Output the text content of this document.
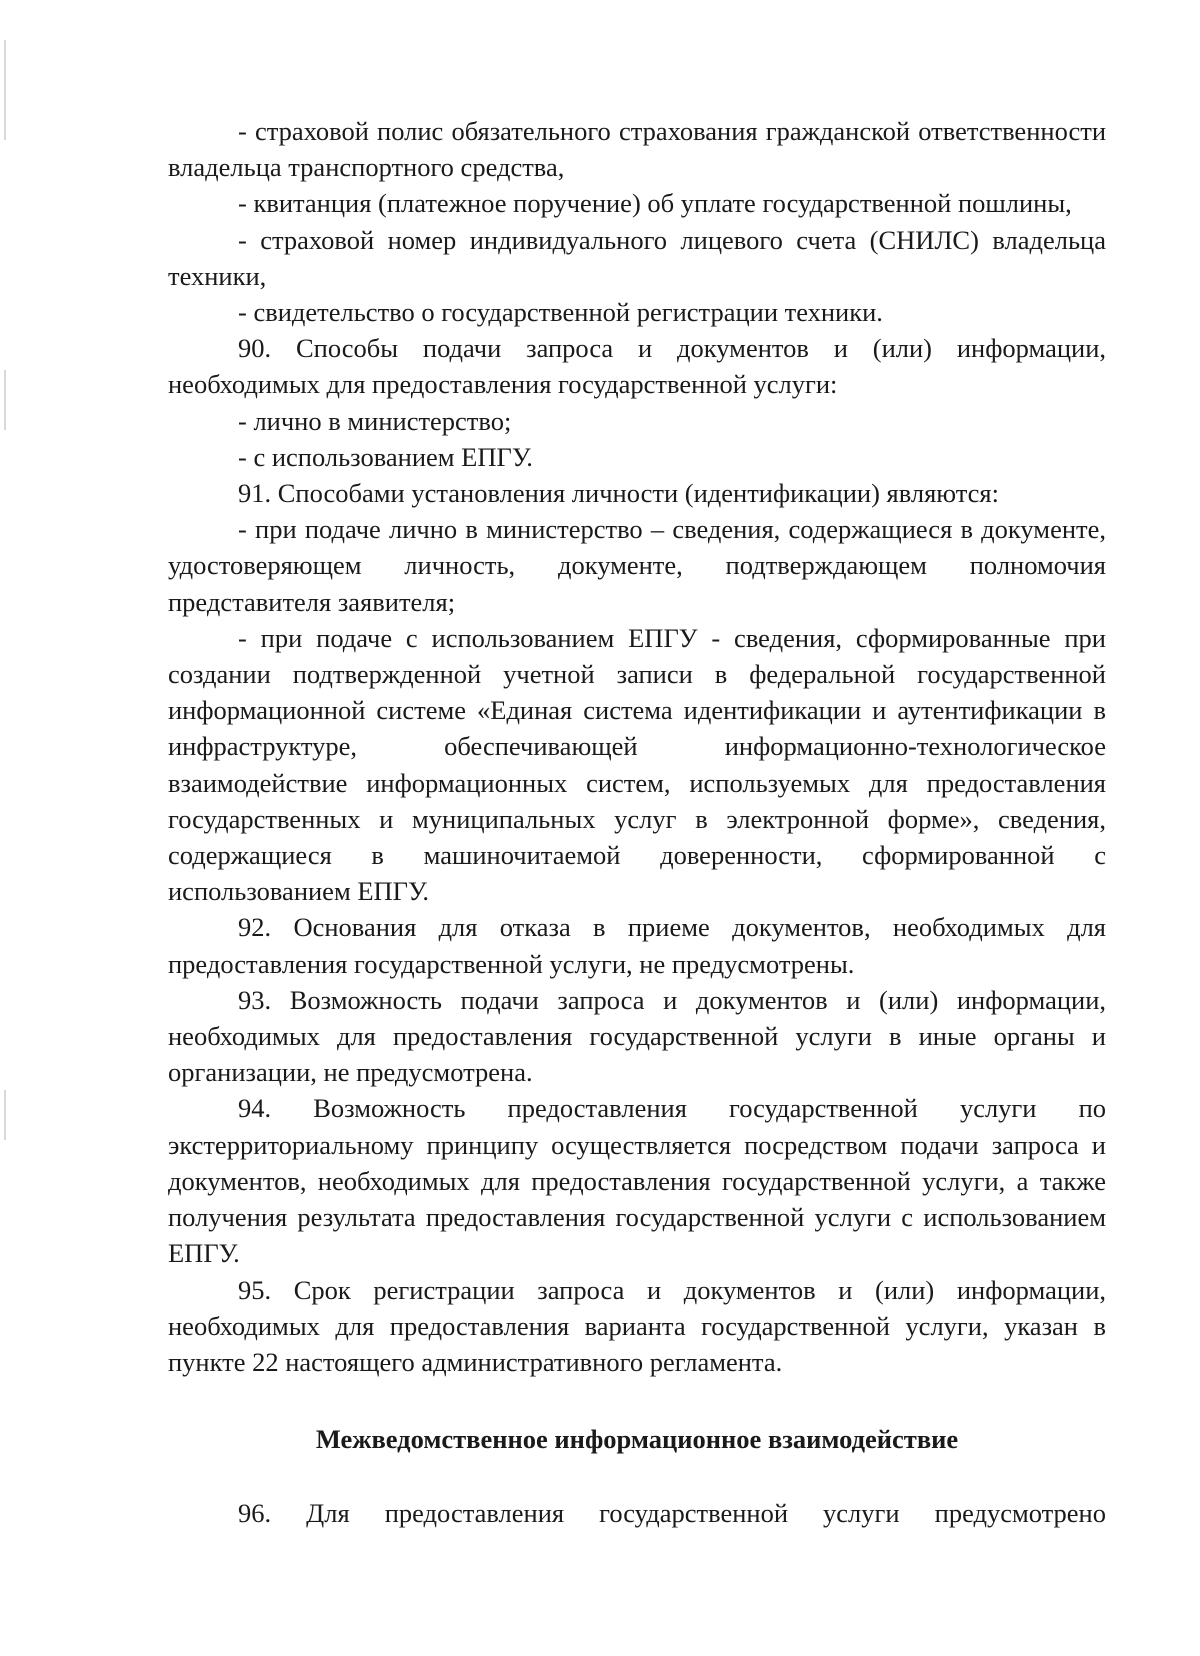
- страховой полис обязательного страхования гражданской ответственности владельца транспортного средства,

- квитанция (платежное поручение) об уплате государственной пошлины,

- страховой номер индивидуального лицевого счета (СНИЛС) владельца техники,

- свидетельство о государственной регистрации техники.

90. Способы подачи запроса и документов и (или) информации, необходимых для предоставления государственной услуги:

- лично в министерство;

- с использованием ЕПГУ.

91. Способами установления личности (идентификации) являются:

- при подаче лично в министерство – сведения, содержащиеся в документе, удостоверяющем личность, документе, подтверждающем полномочия представителя заявителя;

- при подаче с использованием ЕПГУ - сведения, сформированные при создании подтвержденной учетной записи в федеральной государственной информационной системе «Единая система идентификации и аутентификации в инфраструктуре, обеспечивающей информационно-технологическое взаимодействие информационных систем, используемых для предоставления государственных и муниципальных услуг в электронной форме», сведения, содержащиеся в машиночитаемой доверенности, сформированной с использованием ЕПГУ.

92. Основания для отказа в приеме документов, необходимых для предоставления государственной услуги, не предусмотрены.

93. Возможность подачи запроса и документов и (или) информации, необходимых для предоставления государственной услуги в иные органы и организации, не предусмотрена.

94. Возможность предоставления государственной услуги по экстерриториальному принципу осуществляется посредством подачи запроса и документов, необходимых для предоставления государственной услуги, а также получения результата предоставления государственной услуги с использованием ЕПГУ.

95. Срок регистрации запроса и документов и (или) информации, необходимых для предоставления варианта государственной услуги, указан в пункте 22 настоящего административного регламента.

Межведомственное информационное взаимодействие

96. Для предоставления государственной услуги предусмотрено
